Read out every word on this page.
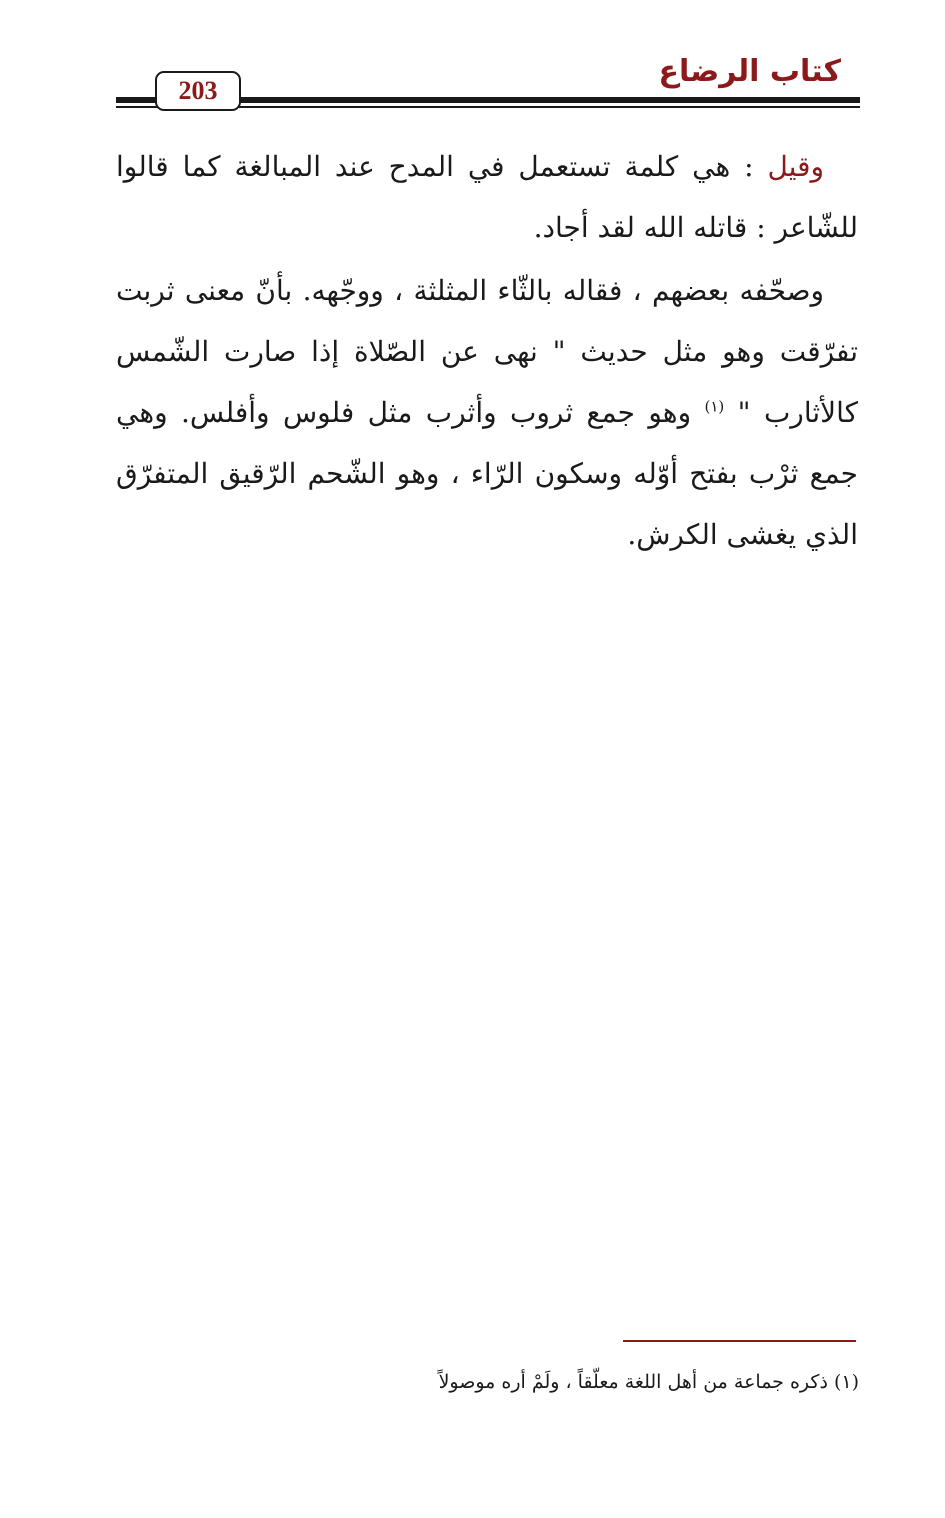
كتاب الرضاع
203

وقيل : هي كلمة تستعمل في المدح عند المبالغة كما قالوا للشّاعر : قاتله الله لقد أجاد.

وصحّفه بعضهم ، فقاله بالثّاء المثلثة ، ووجّهه. بأنّ معنى ثربت تفرّقت وهو مثل حديث " نهى عن الصّلاة إذا صارت الشّمس كالأثارب " $^{(١)}$ وهو جمع ثروب وأثرب مثل فلوس وأفلس. وهي جمع ثرْب بفتح أوّله وسكون الرّاء ، وهو الشّحم الرّقيق المتفرّق الذي يغشى الكرش.

(١) ذكره جماعة من أهل اللغة معلّقاً ، ولَمْ أره موصولاً
